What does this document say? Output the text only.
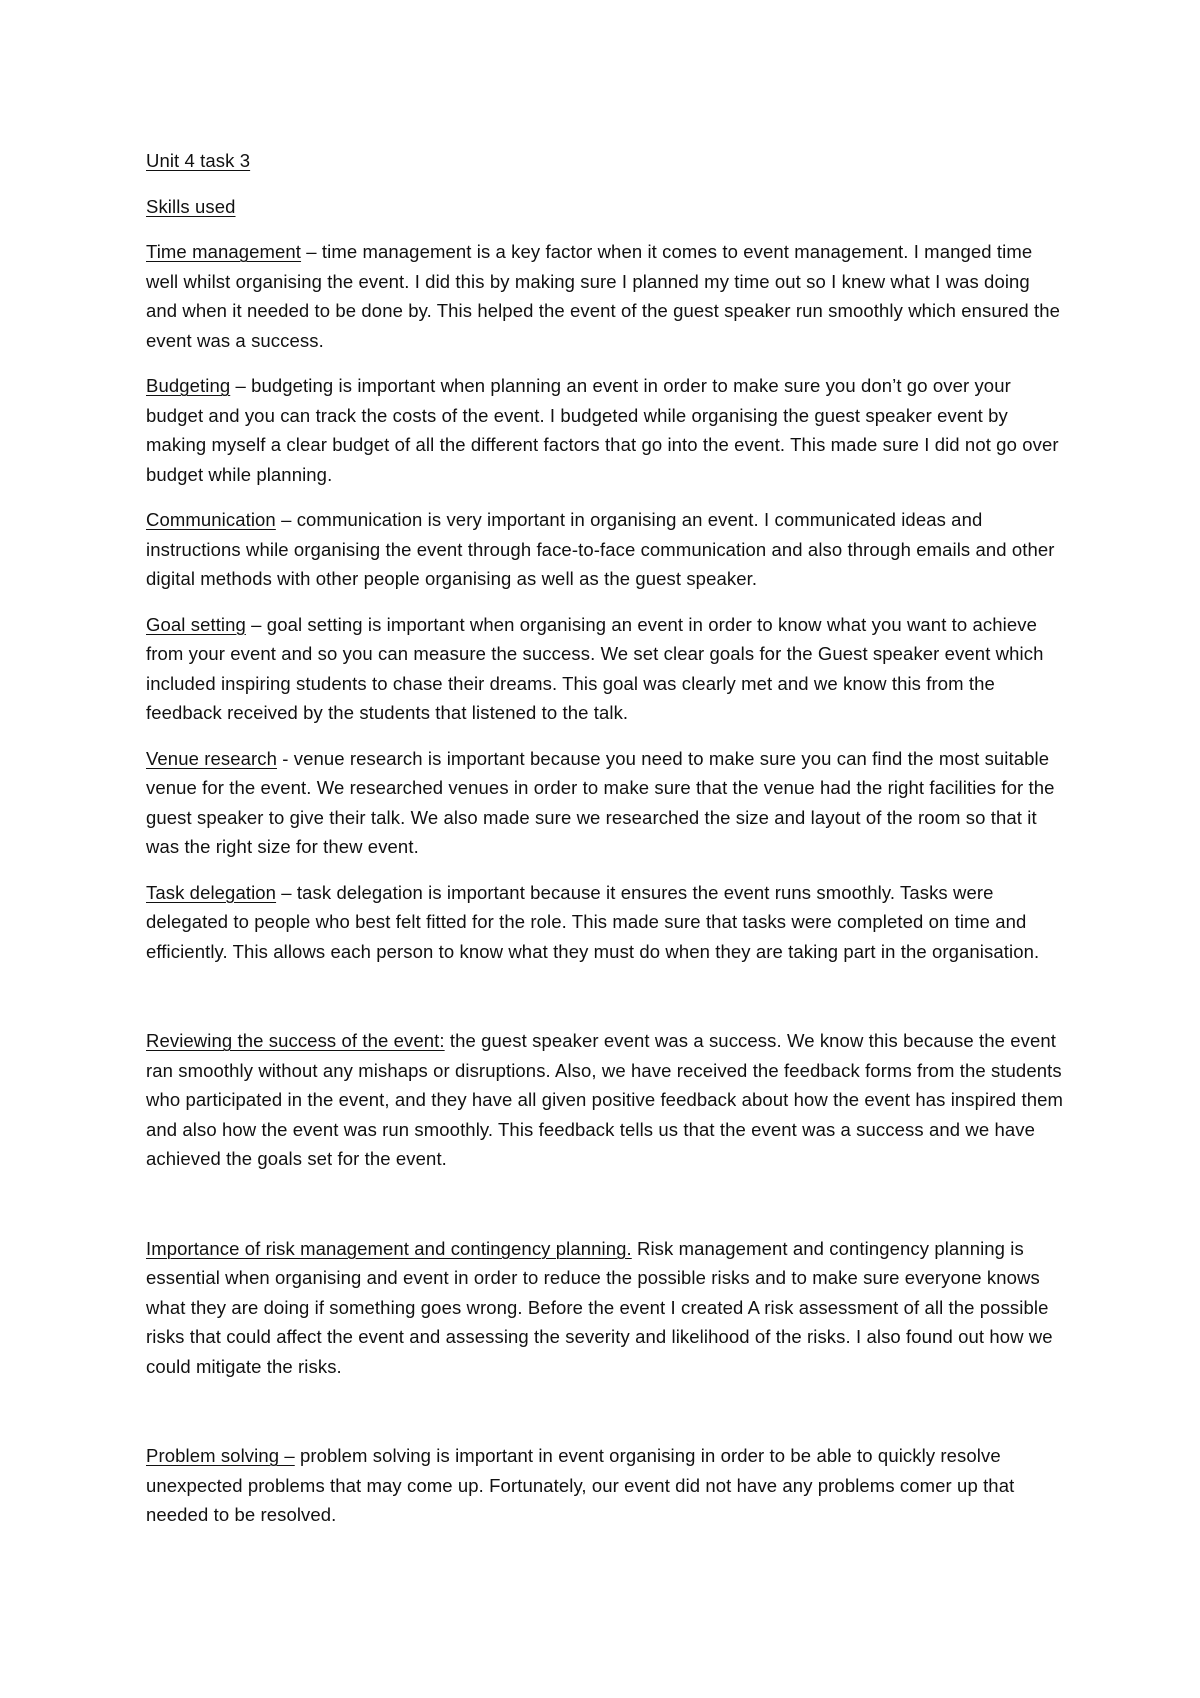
Unit 4 task 3

Skills used

Time management – time management is a key factor when it comes to event management. I manged time well whilst organising the event. I did this by making sure I planned my time out so I knew what I was doing and when it needed to be done by. This helped the event of the guest speaker run smoothly which ensured the event was a success.

Budgeting – budgeting is important when planning an event in order to make sure you don’t go over your budget and you can track the costs of the event. I budgeted while organising the guest speaker event by making myself a clear budget of all the different factors that go into the event. This made sure I did not go over budget while planning.

Communication – communication is very important in organising an event. I communicated ideas and instructions while organising the event through face-to-face communication and also through emails and other digital methods with other people organising as well as the guest speaker.

Goal setting – goal setting is important when organising an event in order to know what you want to achieve from your event and so you can measure the success. We set clear goals for the Guest speaker event which included inspiring students to chase their dreams. This goal was clearly met and we know this from the feedback received by the students that listened to the talk.

Venue research - venue research is important because you need to make sure you can find the most suitable venue for the event. We researched venues in order to make sure that the venue had the right facilities for the guest speaker to give their talk. We also made sure we researched the size and layout of the room so that it was the right size for thew event.

Task delegation – task delegation is important because it ensures the event runs smoothly. Tasks were delegated to people who best felt fitted for the role. This made sure that tasks were completed on time and efficiently. This allows each person to know what they must do when they are taking part in the organisation.

Reviewing the success of the event: the guest speaker event was a success. We know this because the event ran smoothly without any mishaps or disruptions. Also, we have received the feedback forms from the students who participated in the event, and they have all given positive feedback about how the event has inspired them and also how the event was run smoothly. This feedback tells us that the event was a success and we have achieved the goals set for the event.

Importance of risk management and contingency planning. Risk management and contingency planning is essential when organising and event in order to reduce the possible risks and to make sure everyone knows what they are doing if something goes wrong. Before the event I created A risk assessment of all the possible risks that could affect the event and assessing the severity and likelihood of the risks. I also found out how we could mitigate the risks.

Problem solving – problem solving is important in event organising in order to be able to quickly resolve unexpected problems that may come up. Fortunately, our event did not have any problems comer up that needed to be resolved.
